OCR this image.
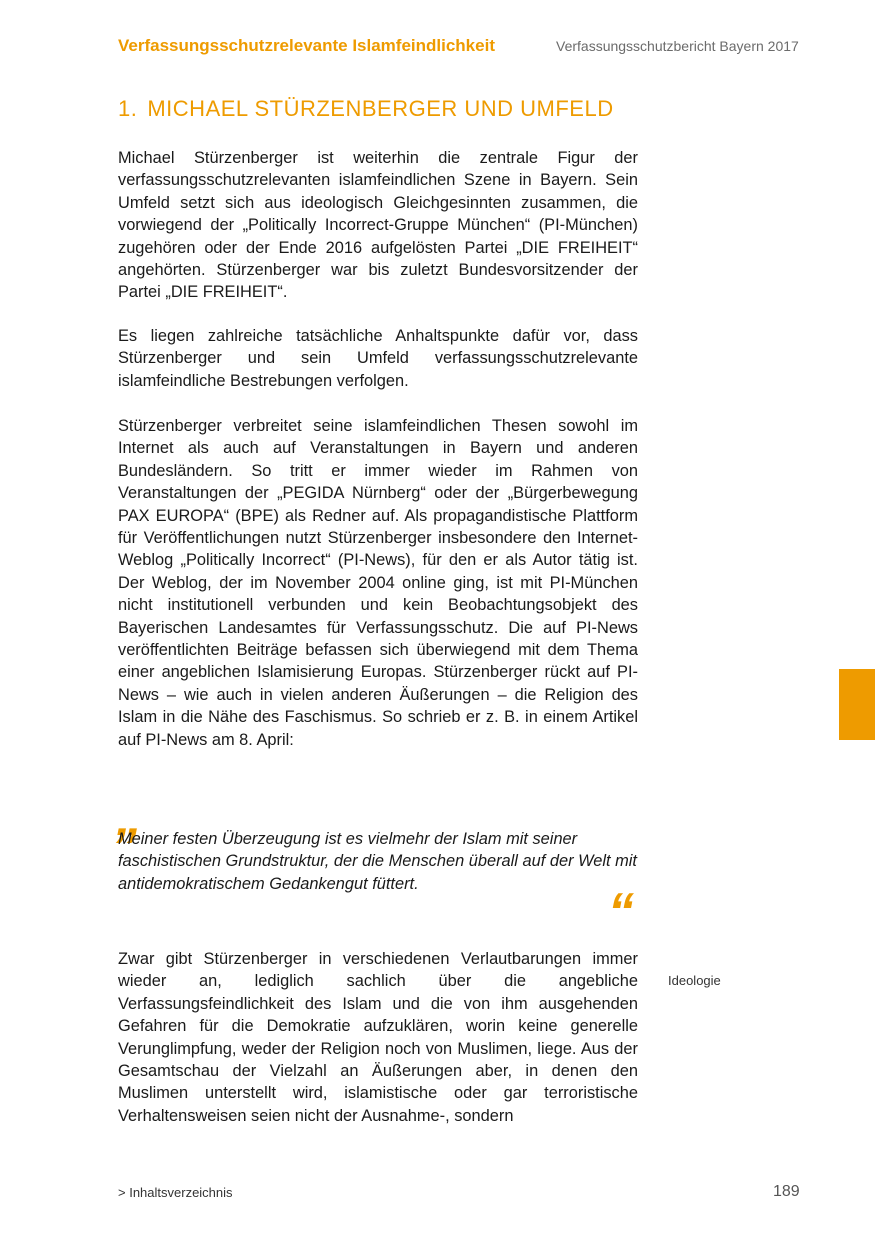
Verfassungsschutzrelevante Islamfeindlichkeit	Verfassungsschutzbericht Bayern 2017
1. MICHAEL STÜRZENBERGER UND UMFELD

Michael Stürzenberger ist weiterhin die zentrale Figur der verfassungsschutzrelevanten islamfeindlichen Szene in Bayern. Sein Umfeld setzt sich aus ideologisch Gleichgesinnten zusammen, die vorwiegend der „Politically Incorrect-Gruppe München“ (PI-München) zugehören oder der Ende 2016 aufgelösten Partei „DIE FREIHEIT“ angehörten. Stürzenberger war bis zuletzt Bundesvorsitzender der Partei „DIE FREIHEIT“.

Es liegen zahlreiche tatsächliche Anhaltspunkte dafür vor, dass Stürzenberger und sein Umfeld verfassungsschutzrelevante islamfeindliche Bestrebungen verfolgen.

Stürzenberger verbreitet seine islamfeindlichen Thesen sowohl im Internet als auch auf Veranstaltungen in Bayern und anderen Bundesländern. So tritt er immer wieder im Rahmen von Veranstaltungen der „PEGIDA Nürnberg“ oder der „Bürgerbewegung PAX EUROPA“ (BPE) als Redner auf. Als propagandistische Plattform für Veröffentlichungen nutzt Stürzenberger insbesondere den Internet-Weblog „Politically Incorrect“ (PI-News), für den er als Autor tätig ist. Der Weblog, der im November 2004 online ging, ist mit PI-München nicht institutionell verbunden und kein Beobachtungsobjekt des Bayerischen Landesamtes für Verfassungsschutz. Die auf PI-News veröffentlichten Beiträge befassen sich überwiegend mit dem Thema einer angeblichen Islamisierung Europas. Stürzenberger rückt auf PI-News – wie auch in vielen anderen Äußerungen – die Religion des Islam in die Nähe des Faschismus. So schrieb er z. B. in einem Artikel auf PI-News am 8. April:

„

Meiner festen Überzeugung ist es vielmehr der Islam mit seiner faschistischen Grundstruktur, der die Menschen überall auf der Welt mit antidemokratischem Gedankengut füttert.	“

Zwar gibt Stürzenberger in verschiedenen Verlautbarungen immer wieder an, lediglich sachlich über die angebliche Verfassungsfeindlichkeit des Islam und die von ihm ausgehenden Gefahren für die Demokratie aufzuklären, worin keine generelle Verunglimpfung, weder der Religion noch von Muslimen, liege. Aus der Gesamtschau der Vielzahl an Äußerungen aber, in denen den Muslimen unterstellt wird, islamistische oder gar terroristische Verhaltensweisen seien nicht der Ausnahme-, sondern

Ideologie
> Inhaltsverzeichnis	189
